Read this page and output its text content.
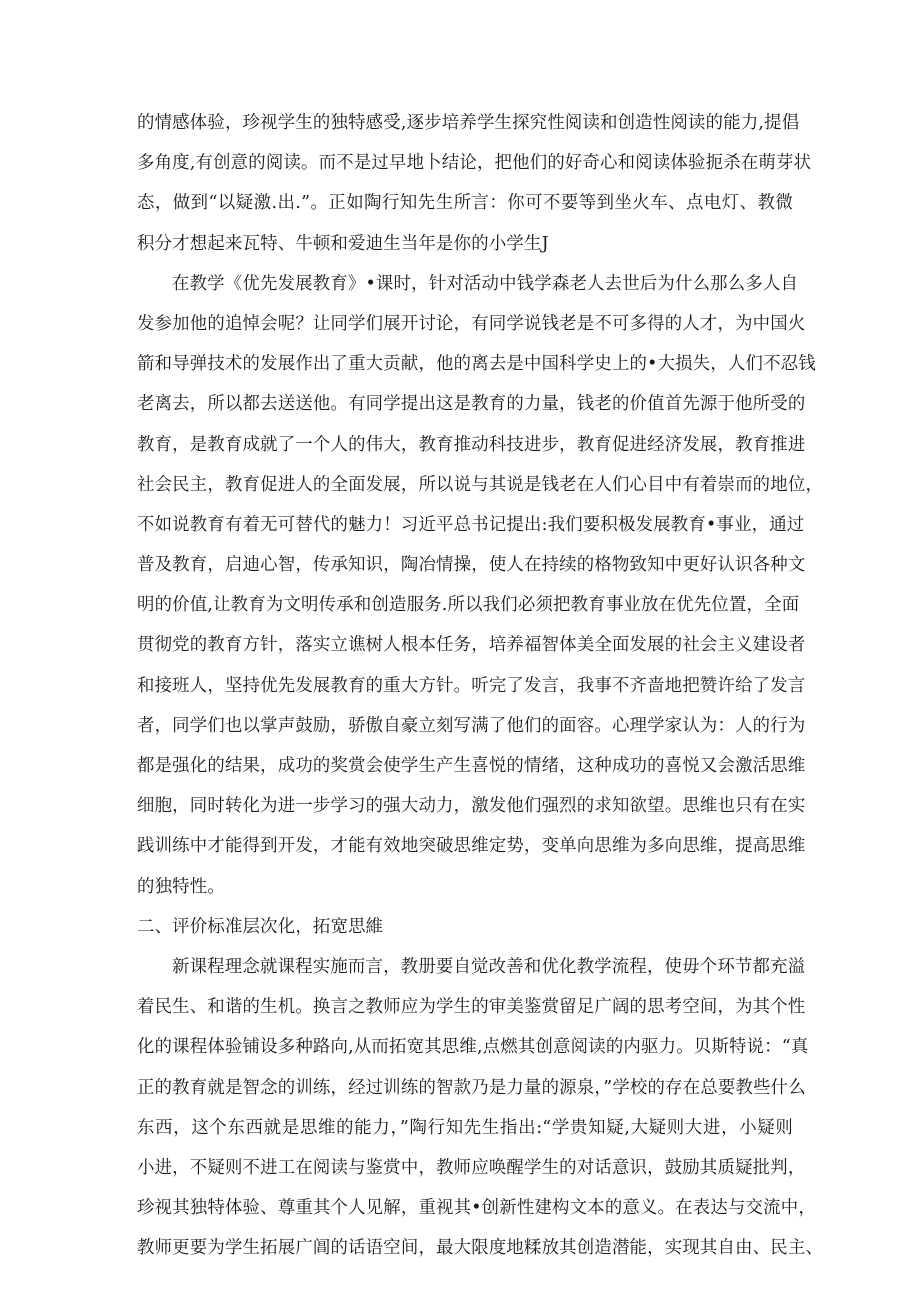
的情感体验，珍视学生的独特感受,逐步培养学生探究性阅读和创造性阅读的能力,提倡
多角度,有创意的阅读。而不是过早地卜结论，把他们的好奇心和阅读体验扼杀在萌芽状
态，做到“以疑激.出.”。正如陶行知先生所言：你可不要等到坐火车、点电灯、教微
积分才想起来瓦特、牛顿和爱迪生当年是你的小学生J
在教学《优先发展教育》•课时，针对活动中钱学森老人去世后为什么那么多人自
发参加他的追悼会呢？让同学们展开讨论，有同学说钱老是不可多得的人才，为中国火
箭和导弹技术的发展作出了重大贡献，他的离去是中国科学史上的•大损失，人们不忍钱
老离去，所以都去送送他。有同学提出这是教育的力量，钱老的价值首先源于他所受的
教育，是教育成就了一个人的伟大，教育推动科技进步，教育促进经济发展，教育推进
社会民主，教育促进人的全面发展，所以说与其说是钱老在人们心目中有着崇而的地位，
不如说教育有着无可替代的魅力！习近平总书记提出:我们要积极发展教育•事业，通过
普及教育，启迪心智，传承知识，陶冶情操，使人在持续的格物致知中更好认识各种文
明的价值,让教育为文明传承和创造服务.所以我们必须把教育事业放在优先位置，全面
贯彻党的教育方针，落实立谯树人根本任务，培养福智体美全面发展的社会主义建设者
和接班人，坚持优先发展教育的重大方针。听完了发言，我事不齐啬地把赞许给了发言
者，同学们也以掌声鼓励，骄傲自豪立刻写满了他们的面容。心理学家认为：人的行为
都是强化的结果，成功的奖赏会使学生产生喜悦的情绪，这种成功的喜悦又会激活思维
细胞，同时转化为进一步学习的强大动力，激发他们强烈的求知欲望。思维也只有在实
践训练中才能得到开发，才能有效地突破思维定势，变单向思维为多向思维，提高思维
的独特性。
二、评价标准层次化，拓宽思維
新课程理念就课程实施而言，教册要自觉改善和优化教学流程，使毋个环节都充溢
着民生、和谐的生机。换言之教师应为学生的审美鉴赏留足广阔的思考空间，为其个性
化的课程体验铺设多种路向,从而拓宽其思维,点燃其创意阅读的内驱力。贝斯特说：“真
正的教育就是智念的训练，经过训练的智款乃是力量的源泉，”学校的存在总要教些什么
东西，这个东西就是思维的能力，”陶行知先生指出:“学贵知疑,大疑则大进，小疑则
小进，不疑则不进工在阅读与鉴赏中，教师应唤醒学生的对话意识，鼓励其质疑批判，
珍视其独特体验、尊重其个人见解，重视其•创新性建构文本的意义。在表达与交流中，
教师更要为学生拓展广阊的话语空间，最大限度地糅放其创造潜能，实现其自由、民主、
